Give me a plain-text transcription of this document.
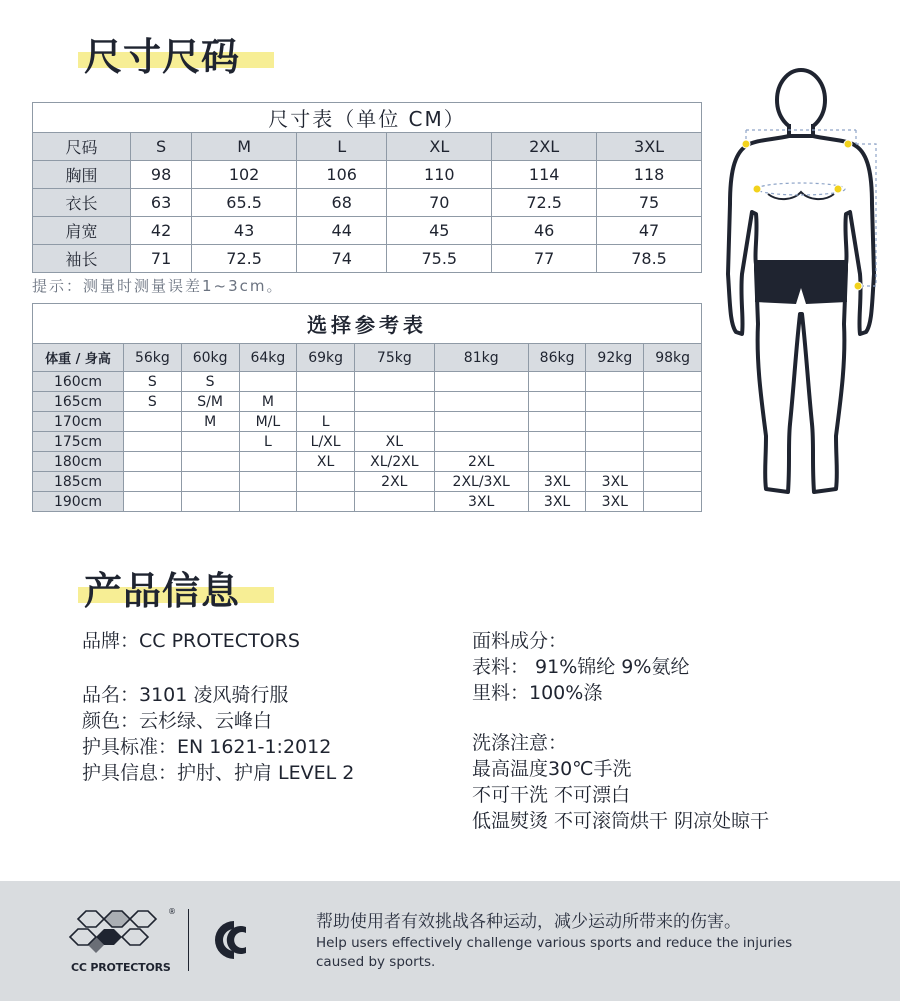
尺寸尺码
尺寸表（单位 CM）						
尺码	S	M	L	XL	2XL	3XL
胸围	98	102	106	110	114	118
衣长	63	65.5	68	70	72.5	75
肩宽	42	43	44	45	46	47
袖长	71	72.5	74	75.5	77	78.5
提示：测量时测量误差1~3cm。
选择参考表									
体重 / 身高	56kg	60kg	64kg	69kg	75kg	81kg	86kg	92kg	98kg
160cm	S	S							
165cm	S	S/M	M						
170cm		M	M/L	L					
175cm			L	L/XL	XL				
180cm				XL	XL/2XL	2XL			
185cm					2XL	2XL/3XL	3XL	3XL	
190cm						3XL	3XL	3XL	
产品信息
品牌：CC PROTECTORS
品名：3101 凌风骑行服
颜色：云杉绿、云峰白
护具标准：EN 1621-1:2012
护具信息：护肘、护肩 LEVEL 2
面料成分：
表料： 91%锦纶 9%氨纶
里料：100%涤
洗涤注意：
最高温度30℃手洗
不可干洗 不可漂白
低温熨烫 不可滚筒烘干 阴凉处晾干
®
CC PROTECTORS
帮助使用者有效挑战各种运动，减少运动所带来的伤害。
Help users effectively challenge various sports and reduce the injuries caused by sports.
